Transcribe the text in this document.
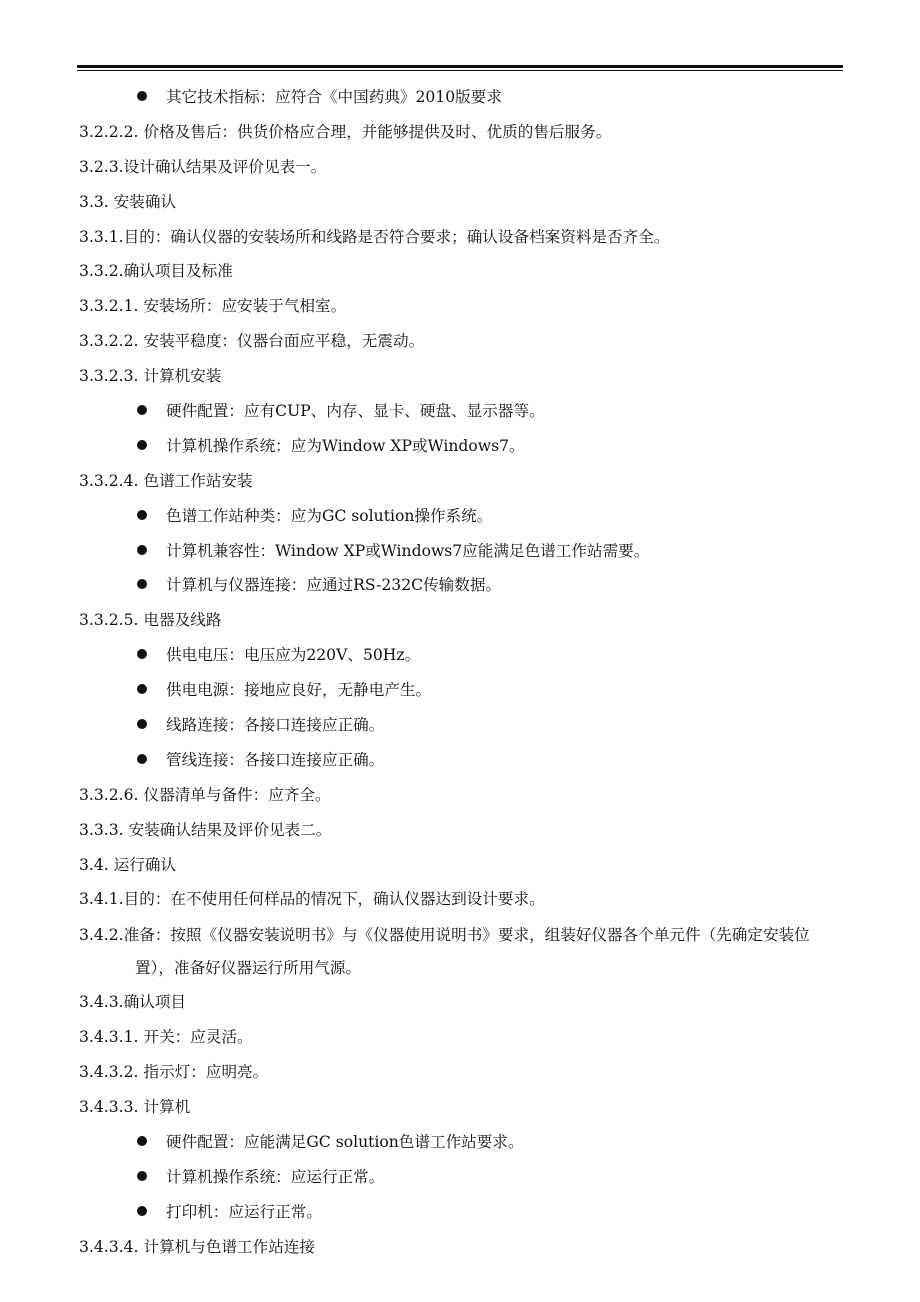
其它技术指标：应符合《中国药典》2010版要求
3.2.2.2. 价格及售后：供货价格应合理，并能够提供及时、优质的售后服务。
3.2.3.设计确认结果及评价见表一。
3.3. 安装确认
3.3.1.目的：确认仪器的安装场所和线路是否符合要求；确认设备档案资料是否齐全。
3.3.2.确认项目及标准
3.3.2.1. 安装场所：应安装于气相室。
3.3.2.2. 安装平稳度：仪器台面应平稳，无震动。
3.3.2.3. 计算机安装
硬件配置：应有CUP、内存、显卡、硬盘、显示器等。
计算机操作系统：应为Window XP或Windows7。
3.3.2.4. 色谱工作站安装
色谱工作站种类：应为GC solution操作系统。
计算机兼容性：Window XP或Windows7应能满足色谱工作站需要。
计算机与仪器连接：应通过RS-232C传输数据。
3.3.2.5. 电器及线路
供电电压：电压应为220V、50Hz。
供电电源：接地应良好，无静电产生。
线路连接：各接口连接应正确。
管线连接：各接口连接应正确。
3.3.2.6. 仪器清单与备件：应齐全。
3.3.3. 安装确认结果及评价见表二。
3.4. 运行确认
3.4.1.目的：在不使用任何样品的情况下，确认仪器达到设计要求。
3.4.2.准备：按照《仪器安装说明书》与《仪器使用说明书》要求，组装好仪器各个单元件（先确定安装位置），准备好仪器运行所用气源。
3.4.3.确认项目
3.4.3.1. 开关：应灵活。
3.4.3.2. 指示灯：应明亮。
3.4.3.3. 计算机
硬件配置：应能满足GC solution色谱工作站要求。
计算机操作系统：应运行正常。
打印机：应运行正常。
3.4.3.4. 计算机与色谱工作站连接
